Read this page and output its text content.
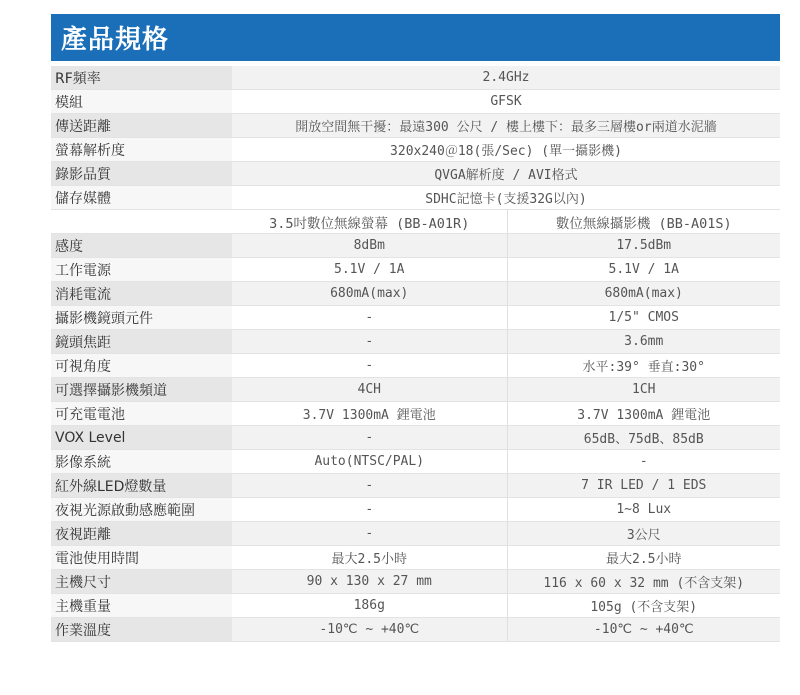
產品規格
RF頻率	2.4GHz	
模組	GFSK	
傳送距離	開放空間無干擾：最遠300 公尺 / 樓上樓下：最多三層樓or兩道水泥牆	
螢幕解析度	320x240＠18(張/Sec) (單一攝影機)	
錄影品質	QVGA解析度 / AVI格式	
儲存媒體	SDHC記憶卡(支援32G以內)	
	3.5吋數位無線螢幕 (BB-A01R)	數位無線攝影機 (BB-A01S)
感度	8dBm	17.5dBm
工作電源	5.1V / 1A	5.1V / 1A
消耗電流	680mA(max)	680mA(max)
攝影機鏡頭元件	-	1/5" CMOS
鏡頭焦距	-	3.6mm
可視角度	-	水平:39° 垂直:30°
可選擇攝影機頻道	4CH	1CH
可充電電池	3.7V 1300mA 鋰電池	3.7V 1300mA 鋰電池
VOX Level	-	65dB、75dB、85dB
影像系統	Auto(NTSC/PAL)	-
紅外線LED燈數量	-	7 IR LED / 1 EDS
夜視光源啟動感應範圍	-	1~8 Lux
夜視距離	-	3公尺
電池使用時間	最大2.5小時	最大2.5小時
主機尺寸	90 x 130 x 27 mm	116 x 60 x 32 mm (不含支架)
主機重量	186g	105g (不含支架)
作業溫度	-10℃ ~ +40℃	-10℃ ~ +40℃
